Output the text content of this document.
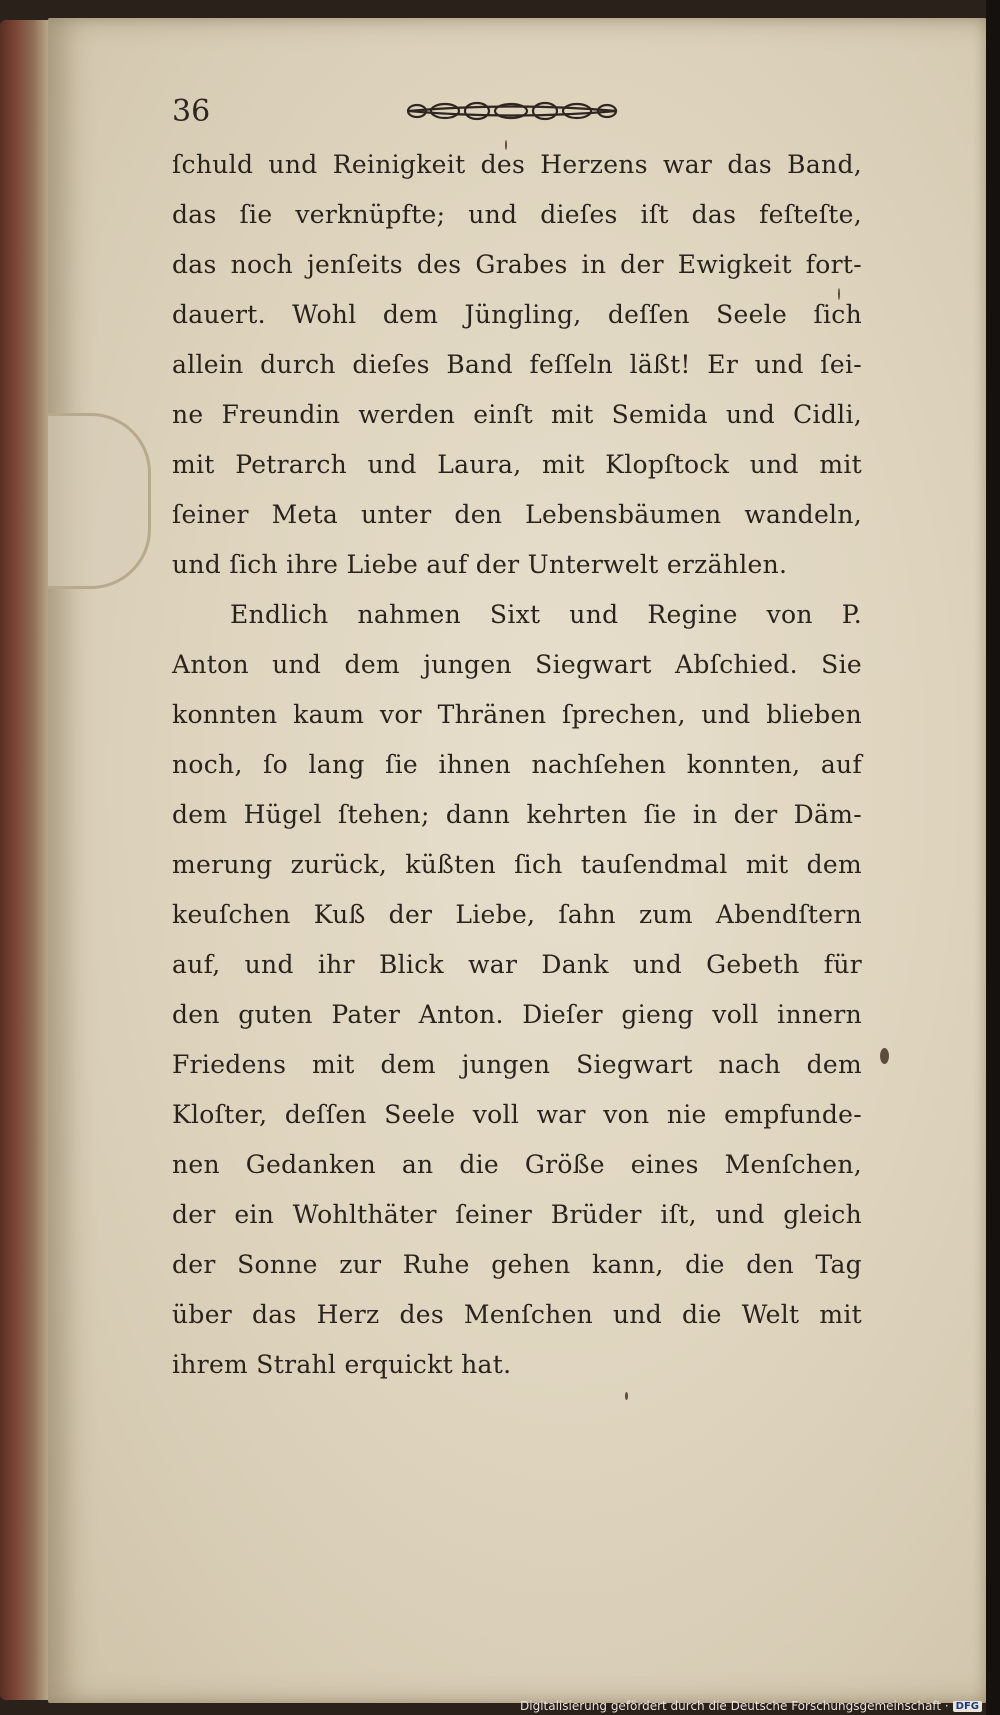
36
ſchuld und Reinigkeit des Herzens war das Band,
das ſie verknüpfte; und dieſes iſt das feſteſte,
das noch jenſeits des Grabes in der Ewigkeit fort-
dauert. Wohl dem Jüngling, deſſen Seele ſich
allein durch dieſes Band feſſeln läßt! Er und ſei-
ne Freundin werden einſt mit Semida und Cidli,
mit Petrarch und Laura, mit Klopſtock und mit
ſeiner Meta unter den Lebensbäumen wandeln,
und ſich ihre Liebe auf der Unterwelt erzählen.
Endlich nahmen Sixt und Regine von P.
Anton und dem jungen Siegwart Abſchied. Sie
konnten kaum vor Thränen ſprechen, und blieben
noch, ſo lang ſie ihnen nachſehen konnten, auf
dem Hügel ſtehen; dann kehrten ſie in der Däm-
merung zurück, küßten ſich tauſendmal mit dem
keuſchen Kuß der Liebe, ſahn zum Abendſtern
auf, und ihr Blick war Dank und Gebeth für
den guten Pater Anton. Dieſer gieng voll innern
Friedens mit dem jungen Siegwart nach dem
Kloſter, deſſen Seele voll war von nie empfunde-
nen Gedanken an die Größe eines Menſchen,
der ein Wohlthäter ſeiner Brüder iſt, und gleich
der Sonne zur Ruhe gehen kann, die den Tag
über das Herz des Menſchen und die Welt mit
ihrem Strahl erquickt hat.
Digitalisierung gefördert durch die Deutsche Forschungsgemeinschaft · DFG
